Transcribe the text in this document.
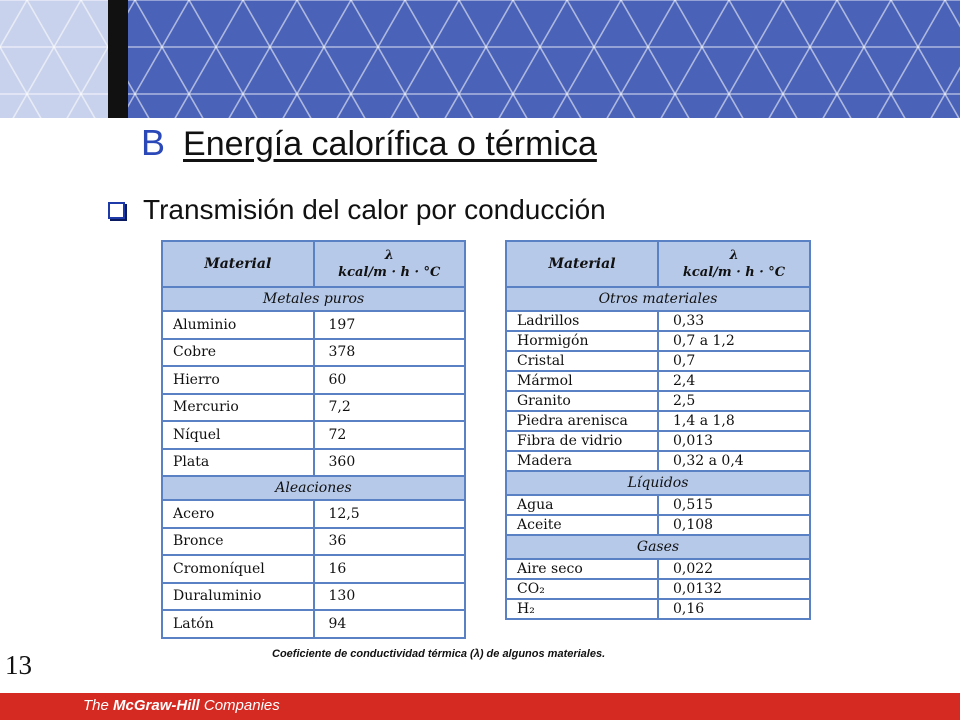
B Energía calorífica o térmica
Transmisión del calor por conducción
Material	λ
kcal/m · h · °C

Metales puros	
Aluminio	197
Cobre	378
Hierro	60
Mercurio	7,2
Níquel	72
Plata	360
Aleaciones	
Acero	12,5
Bronce	36
Cromoníquel	16
Duraluminio	130
Latón	94
Material	λ
kcal/m · h · °C

Otros materiales	
Ladrillos	0,33
Hormigón	0,7 a 1,2
Cristal	0,7
Mármol	2,4
Granito	2,5
Piedra arenisca	1,4 a 1,8
Fibra de vidrio	0,013
Madera	0,32 a 0,4
Líquidos	
Agua	0,515
Aceite	0,108
Gases	
Aire seco	0,022
CO₂	0,0132
H₂	0,16
Coeficiente de conductividad térmica (λ) de algunos materiales.
13
The McGraw-Hill Companies
